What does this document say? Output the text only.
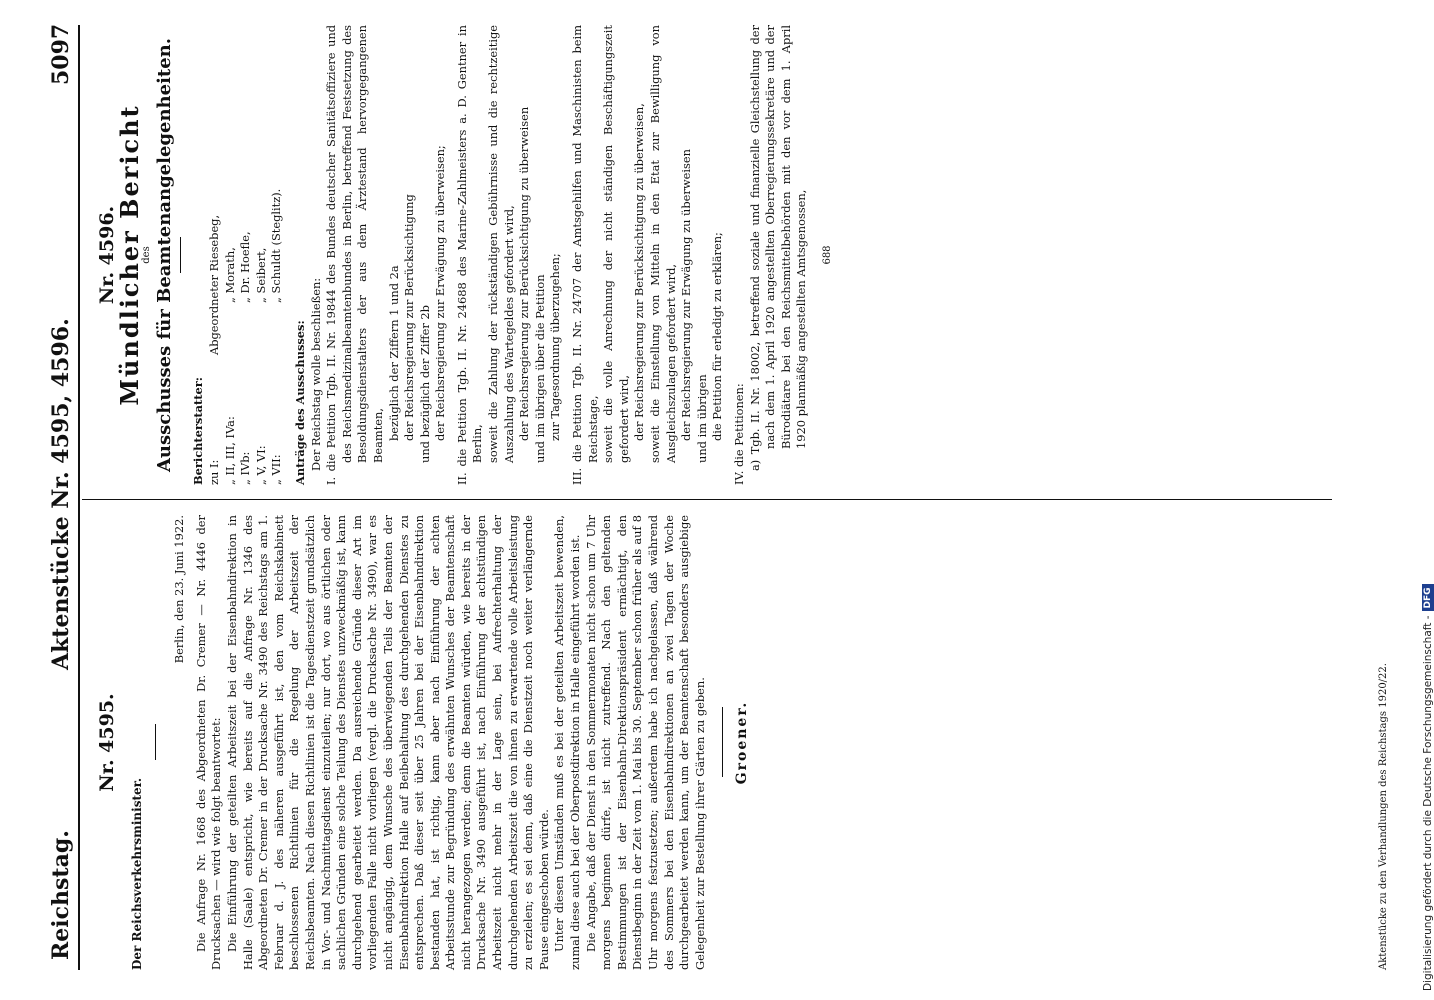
Digitalisierung gefördert durch die Deutsche Forschungsgemeinschaft -
DFG
Reichstag.
Aktenstücke Nr. 4595, 4596.
5097
Nr. 4595.
Der Reichsverkehrsminister.
Berlin, den 23. Juni 1922. Die Anfrage Nr. 1668 des Abgeordneten Dr. Cremer — Nr. 4446 der Drucksachen — wird wie folgt beantwortet: Die Einführung der geteilten Arbeitszeit bei der Eisenbahndirektion in Halle (Saale) entspricht, wie bereits auf die Anfrage Nr. 1346 des Abgeordneten Dr. Cremer in der Drucksache Nr. 3490 des Reichstags am 1. Februar d. J. des näheren ausgeführt ist, den vom Reichskabinett beschlossenen Richtlinien für die Regelung der Arbeitszeit der Reichsbeamten. Nach diesen Richtlinien ist die Tagesdienstzeit grundsätzlich in Vor- und Nachmittagsdienst einzuteilen; nur dort, wo aus örtlichen oder sachlichen Gründen eine solche Teilung des Dienstes unzweckmäßig ist, kann durchgehend gearbeitet werden. Da ausreichende Gründe dieser Art im vorliegenden Falle nicht vorliegen (vergl. die Drucksache Nr. 3490), war es nicht angängig, dem Wunsche des überwiegenden Teils der Beamten der Eisenbahndirektion Halle auf Beibehaltung des durchgehenden Dienstes zu entsprechen. Daß dieser seit über 25 Jahren bei der Eisenbahndirektion bestanden hat, ist richtig, kann aber nach Einführung der achten Arbeitsstunde zur Begründung des erwähnten Wunsches der Beamtenschaft nicht herangezogen werden; denn die Beamten würden, wie bereits in der Drucksache Nr. 3490 ausgeführt ist, nach Einführung der achtstündigen Arbeitszeit nicht mehr in der Lage sein, bei Aufrechterhaltung der durchgehenden Arbeitszeit die von ihnen zu erwartende volle Arbeitsleistung zu erzielen; es sei denn, daß eine die Dienstzeit noch weiter verlängernde Pause eingeschoben würde. Unter diesen Umständen muß es bei der geteilten Arbeitszeit bewenden, zumal diese auch bei der Oberpostdirektion in Halle eingeführt worden ist. Die Angabe, daß der Dienst in den Sommermonaten nicht schon um 7 Uhr morgens beginnen dürfe, ist nicht zutreffend. Nach den geltenden Bestimmungen ist der Eisenbahn-Direktionspräsident ermächtigt, den Dienstbeginn in der Zeit vom 1. Mai bis 30. September schon früher als auf 8 Uhr morgens festzusetzen; außerdem habe ich nachgelassen, daß während des Sommers bei den Eisenbahndirektionen an zwei Tagen der Woche durchgearbeitet werden kann, um der Beamtenschaft besonders ausgiebige Gelegenheit zur Bestellung ihrer Gärten zu geben. Groener.
Nr. 4596.
Mündlicher Bericht
des Ausschusses für Beamtenangelegenheiten. Berichterstatter: zu I:Abgeordneter Riesebeg,
„ II, III, IVa:„ Morath,
„ IVb:„ Dr. Hoefle,
„ V, VI:„ Seibert,
„ VII:„ Schuldt (Steglitz).
Anträge des Ausschusses: Der Reichstag wolle beschließen: I. die Petition Tgb. II. Nr. 19844 des Bundes deutscher Sanitätsoffiziere und des Reichsmedizinalbeamtenbundes in Berlin, betreffend Festsetzung des Besoldungsdienstalters der aus dem Ärztestand hervorgegangenen Beamten, bezüglich der Ziffern 1 und 2a der Reichsregierung zur Berücksichtigung und bezüglich der Ziffer 2b der Reichsregierung zur Erwägung zu überweisen; II. die Petition Tgb. II. Nr. 24688 des Marine-Zahlmeisters a. D. Gentner in Berlin, soweit die Zahlung der rückständigen Gebührnisse und die rechtzeitige Auszahlung des Wartegeldes gefordert wird, der Reichsregierung zur Berücksichtigung zu überweisen und im übrigen über die Petition zur Tagesordnung überzugehen; III. die Petition Tgb. II. Nr. 24707 der Amtsgehilfen und Maschinisten beim Reichstage, soweit die volle Anrechnung der nicht ständigen Beschäftigungszeit gefordert wird, der Reichsregierung zur Berücksichtigung zu überweisen, soweit die Einstellung von Mitteln in den Etat zur Bewilligung von Ausgleichszulagen gefordert wird, der Reichsregierung zur Erwägung zu überweisen und im übrigen die Petition für erledigt zu erklären; IV. die Petitionen: a) Tgb. II. Nr. 18002, betreffend soziale und finanzielle Gleichstellung der nach dem 1. April 1920 angestellten Oberregierungssekretäre und der Bürodiätare bei den Reichsmittelbehörden mit den vor dem 1. April 1920 planmäßig angestellten Amtsgenossen, 688
Aktenstücke zu den Verhandlungen des Reichstags 1920/22.
